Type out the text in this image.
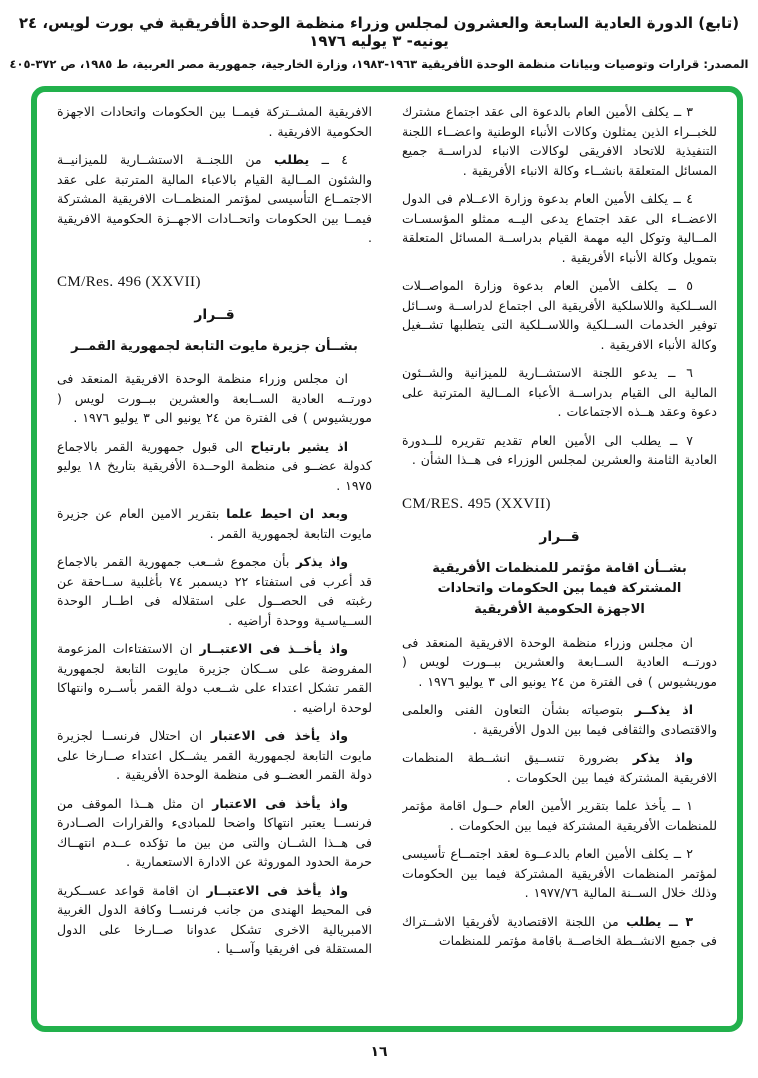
(تابع) الدورة العادية السابعة والعشرون لمجلس وزراء منظمة الوحدة الأفريقية في بورت لويس، ٢٤ يونيه- ٣ يوليه ١٩٧٦
المصدر: قرارات وتوصيات وبيانات منظمة الوحدة الأفريقية ١٩٦٣-١٩٨٣، وزارة الخارجية، جمهورية مصر العربية، ط ١٩٨٥، ص ٣٧٢-٤٠٥

٣ ــ يكلف الأمين العام بالدعوة الى عقد اجتماع مشترك للخبــراء الذين يمثلون وكالات الأنباء الوطنية واعضــاء اللجنة التنفيذية للاتحاد الافريقى لوكالات الانباء لدراســة جميع المسائل المتعلقة بانشــاء وكالة الانباء الأفريقية .

٤ ــ يكلف الأمين العام بدعوة وزارة الاعــلام فى الدول الاعضــاء الى عقد اجتماع يدعى اليــه ممثلو المؤسسـات المــالية وتوكل اليه مهمة القيام بدراســة المسائل المتعلقة بتمويل وكالة الأنباء الأفريقية .

٥ ــ يكلف الأمين العام بدعوة وزارة المواصــلات الســلكية واللاسلكية الأفريقية الى اجتماع لدراســة وســائل توفير الخدمات الســلكية واللاســلكية التى يتطلبها تشــغيل وكالة الأنباء الافريقية .

٦ ــ يدعو اللجنة الاستشــارية للميزانية والشــئون المالية الى القيام بدراســة الأعباء المــالية المترتبة على دعوة وعقد هــذه الاجتماعات .

٧ ــ يطلب الى الأمين العام تقديم تقريره للــدورة العادية الثامنة والعشرين لمجلس الوزراء فى هــذا الشأن .

CM/RES. 495 (XXVII)
قــرار
بشــأن اقامة مؤتمر للمنظمات الأفريقية
المشتركة فيما بين الحكومات واتحادات
الاجهزة الحكومية الأفريقية

ان مجلس وزراء منظمة الوحدة الافريقية المنعقد فى دورتــه العادية الســابعة والعشرين ببــورت لويس ( موريشيوس ) فى الفترة من ٢٤ يونيو الى ٣ يوليو ١٩٧٦ .

اذ يذكــر بتوصياته بشأن التعاون الفنى والعلمى والاقتصادى والثقافى فيما بين الدول الأفريقية .

واذ يذكر بضرورة تنســيق انشــطة المنظمات الافريقية المشتركة فيما بين الحكومات .

١ ــ يأخذ علما بتقرير الأمين العام حــول اقامة مؤتمر للمنظمات الأفريقية المشتركة فيما بين الحكومات .

٢ ــ يكلف الأمين العام بالدعــوة لعقد اجتمــاع تأسيسى لمؤتمر المنظمات الأفريقية المشتركة فيما بين الحكومات وذلك خلال الســنة المالية ١٩٧٧/٧٦ .

٣ ــ يطلب من اللجنة الاقتصادية لأفريقيا الاشــتراك فى جميع الانشــطة الخاصــة باقامة مؤتمر للمنظمات

الافريقية المشــتركة فيمــا بين الحكومات واتحادات الاجهزة الحكومية الافريقية .

٤ ــ يطلب من اللجنــة الاستشــارية للميزانيــة والشئون المــالية القيام بالاعباء المالية المترتبة على عقد الاجتمــاع التأسيسى لمؤتمر المنظمــات الافريقية المشتركة فيمــا بين الحكومات واتحــادات الاجهــزة الحكومية الافريقية .

CM/Res. 496 (XXVII)
قــرار
بشــأن جزيرة مايوت التابعة لجمهورية القمــر

ان مجلس وزراء منظمة الوحدة الافريقية المنعقد فى دورتــه العادية الســابعة والعشرين ببــورت لويس ( موريشيوس ) فى الفترة من ٢٤ يونيو الى ٣ يوليو ١٩٧٦ .

اذ يشير بارتياح الى قبول جمهورية القمر بالاجماع كدولة عضــو فى منظمة الوحــدة الأفريقية بتاريخ ١٨ يوليو ١٩٧٥ .

وبعد ان احيط علما بتقرير الامين العام عن جزيرة مايوت التابعة لجمهورية القمر .

واذ يذكر بأن مجموع شــعب جمهورية القمر بالاجماع قد أعرب فى استفتاء ٢٢ ديسمبر ٧٤ بأغلبية ســاحقة عن رغبته فى الحصــول على استقلاله فى اطــار الوحدة الســياسـية ووحدة أراضيه .

واذ يأخــذ فى الاعتبــار ان الاستفتاءات المزعومة المفروضة على ســكان جزيرة مايوت التابعة لجمهورية القمر تشكل اعتداء على شــعب دولة القمر بأســره وانتهاكا لوحدة اراضيه .

واذ يأخذ فى الاعتبار ان احتلال فرنســا لجزيرة مايوت التابعة لجمهورية القمر يشــكل اعتداء صــارخا على دولة القمر العضــو فى منظمة الوحدة الأفريقية .

واذ يأخذ فى الاعتبار ان مثل هــذا الموقف من فرنســا يعتبر انتهاكا واضحا للمبادىء والقرارات الصــادرة فى هــذا الشــان والتى من بين ما تؤكده عــدم انتهــاك حرمة الحدود الموروثة عن الادارة الاستعمارية .

واذ يأخذ فى الاعتبــار ان اقامة قواعد عســكرية فى المحيط الهندى من جانب فرنســا وكافة الدول الغربية الامبريالية الاخرى تشكل عدوانا صــارخا على الدول المستقلة فى افريقيا وآســيا .

١٦
